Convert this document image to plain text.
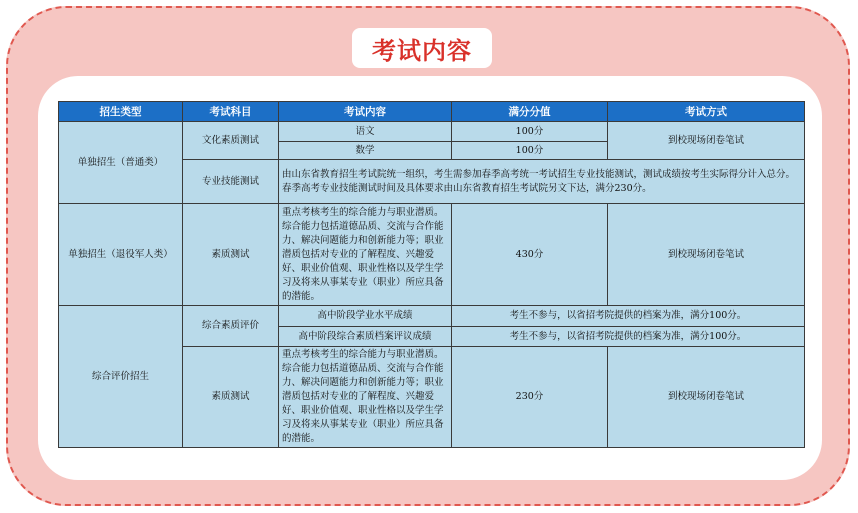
考试内容
招生类型	考试科目	考试内容	满分分值	考试方式
单独招生（普通类）	文化素质测试	语文	100分	到校现场闭卷笔试
		数学	100分	
	专业技能测试	由山东省教育招生考试院统一组织，考生需参加春季高考统一考试招生专业技能测试，测试成绩按考生实际得分计入总分。春季高考专业技能测试时间及具体要求由山东省教育招生考试院另文下达，满分230分。		
单独招生（退役军人类）	素质测试	重点考核考生的综合能力与职业潜质。综合能力包括道德品质、交流与合作能力、解决问题能力和创新能力等；职业潜质包括对专业的了解程度、兴趣爱好、职业价值观、职业性格以及学生学习及将来从事某专业（职业）所应具备的潜能。	430分	到校现场闭卷笔试
综合评价招生	综合素质评价	高中阶段学业水平成绩	考生不参与，以省招考院提供的档案为准，满分100分。	
		高中阶段综合素质档案评议成绩	考生不参与，以省招考院提供的档案为准，满分100分。	
	素质测试	重点考核考生的综合能力与职业潜质。综合能力包括道德品质、交流与合作能力、解决问题能力和创新能力等；职业潜质包括对专业的了解程度、兴趣爱好、职业价值观、职业性格以及学生学习及将来从事某专业（职业）所应具备的潜能。	230分	到校现场闭卷笔试
